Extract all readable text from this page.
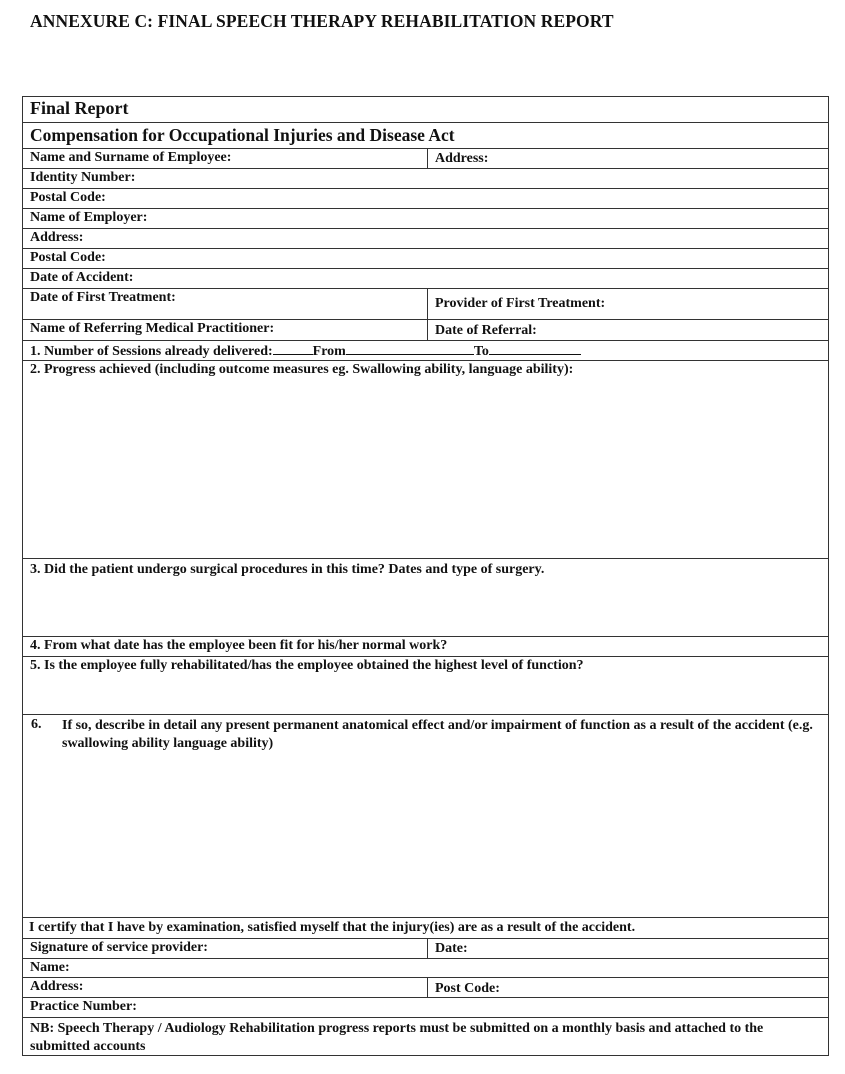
ANNEXURE C: FINAL SPEECH THERAPY REHABILITATION REPORT
Final Report
Compensation for Occupational Injuries and Disease Act
Name and Surname of Employee:	Address:
Identity Number:
Postal Code:
Name of Employer:
Address:
Postal Code:
Date of Accident:
Date of First Treatment:	Provider of First Treatment:
Name of Referring Medical Practitioner:	Date of Referral:
1. Number of Sessions already delivered:	From	To
2. Progress achieved (including outcome measures eg. Swallowing ability, language ability):
3. Did the patient undergo surgical procedures in this time? Dates and type of surgery.
4. From what date has the employee been fit for his/her normal work?
5. Is the employee fully rehabilitated/has the employee obtained the highest level of function?
6. If so, describe in detail any present permanent anatomical effect and/or impairment of function as a result of the accident (e.g. swallowing ability language ability)
I certify that I have by examination, satisfied myself that the injury(ies) are as a result of the accident.
Signature of service provider:	Date:
Name:
Address:	Post Code:
Practice Number:
NB: Speech Therapy / Audiology Rehabilitation progress reports must be submitted on a monthly basis and attached to the submitted accounts
